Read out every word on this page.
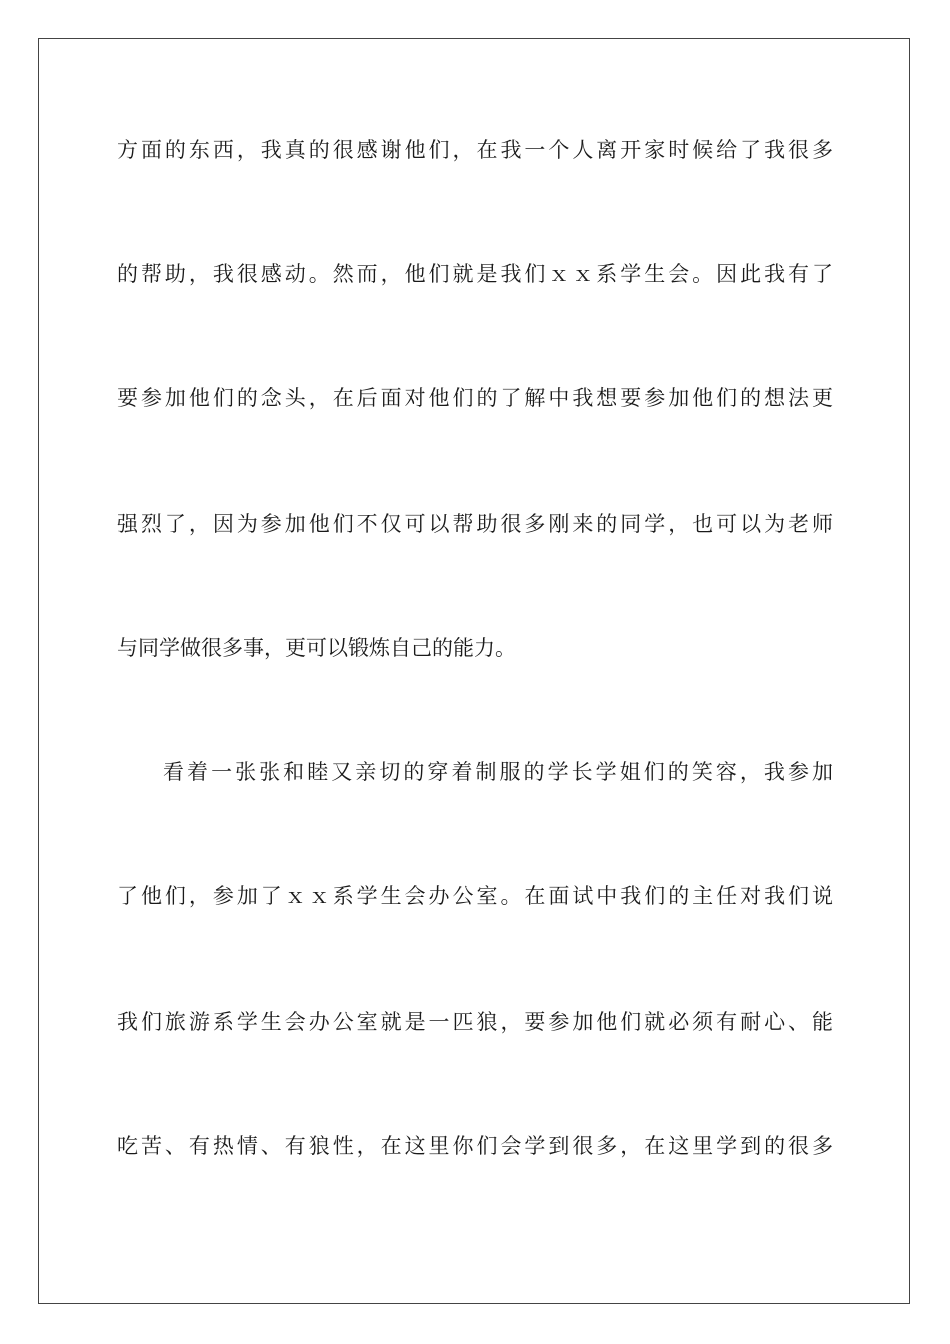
方面的东西，我真的很感谢他们，在我一个人离开家时候给了我很多
的帮助，我很感动。然而，他们就是我们ｘｘ系学生会。因此我有了
要参加他们的念头，在后面对他们的了解中我想要参加他们的想法更
强烈了，因为参加他们不仅可以帮助很多刚来的同学，也可以为老师
与同学做很多事，更可以锻炼自己的能力。
看着一张张和睦又亲切的穿着制服的学长学姐们的笑容，我参加
了他们，参加了ｘｘ系学生会办公室。在面试中我们的主任对我们说
我们旅游系学生会办公室就是一匹狼，要参加他们就必须有耐心、能
吃苦、有热情、有狼性，在这里你们会学到很多，在这里学到的很多
